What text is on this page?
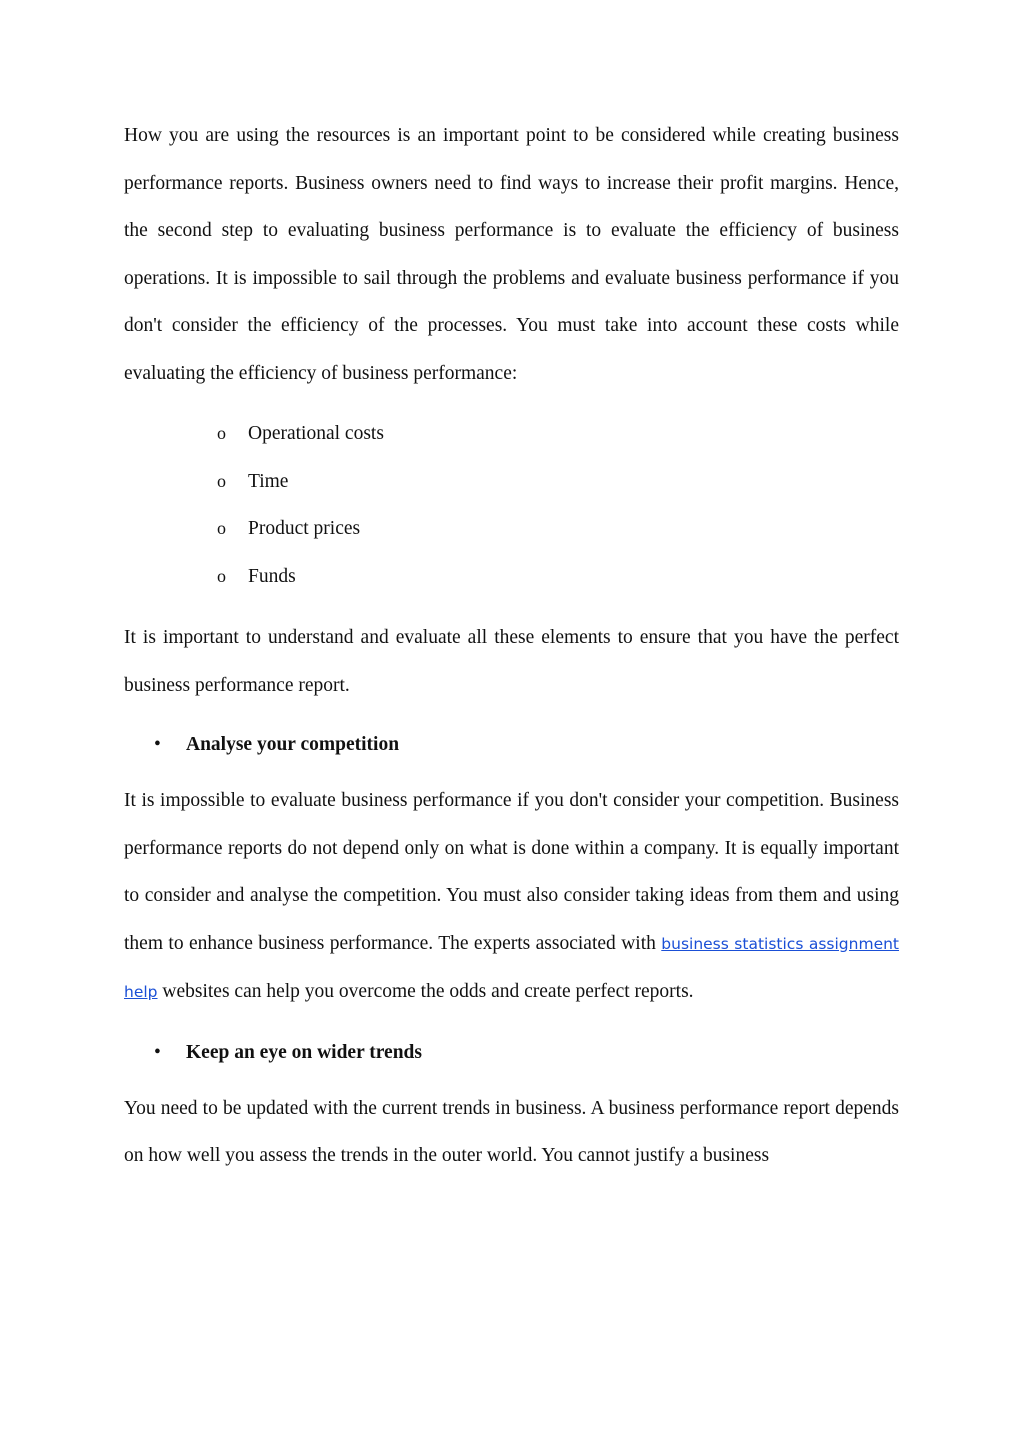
How you are using the resources is an important point to be considered while creating business performance reports. Business owners need to find ways to increase their profit margins. Hence, the second step to evaluating business performance is to evaluate the efficiency of business operations. It is impossible to sail through the problems and evaluate business performance if you don't consider the efficiency of the processes. You must take into account these costs while evaluating the efficiency of business performance:

o Operational costs
o Time
o Product prices
o Funds

It is important to understand and evaluate all these elements to ensure that you have the perfect business performance report.

• Analyse your competition

It is impossible to evaluate business performance if you don't consider your competition. Business performance reports do not depend only on what is done within a company. It is equally important to consider and analyse the competition. You must also consider taking ideas from them and using them to enhance business performance. The experts associated with business statistics assignment help websites can help you overcome the odds and create perfect reports.

• Keep an eye on wider trends

You need to be updated with the current trends in business. A business performance report depends on how well you assess the trends in the outer world. You cannot justify a business
